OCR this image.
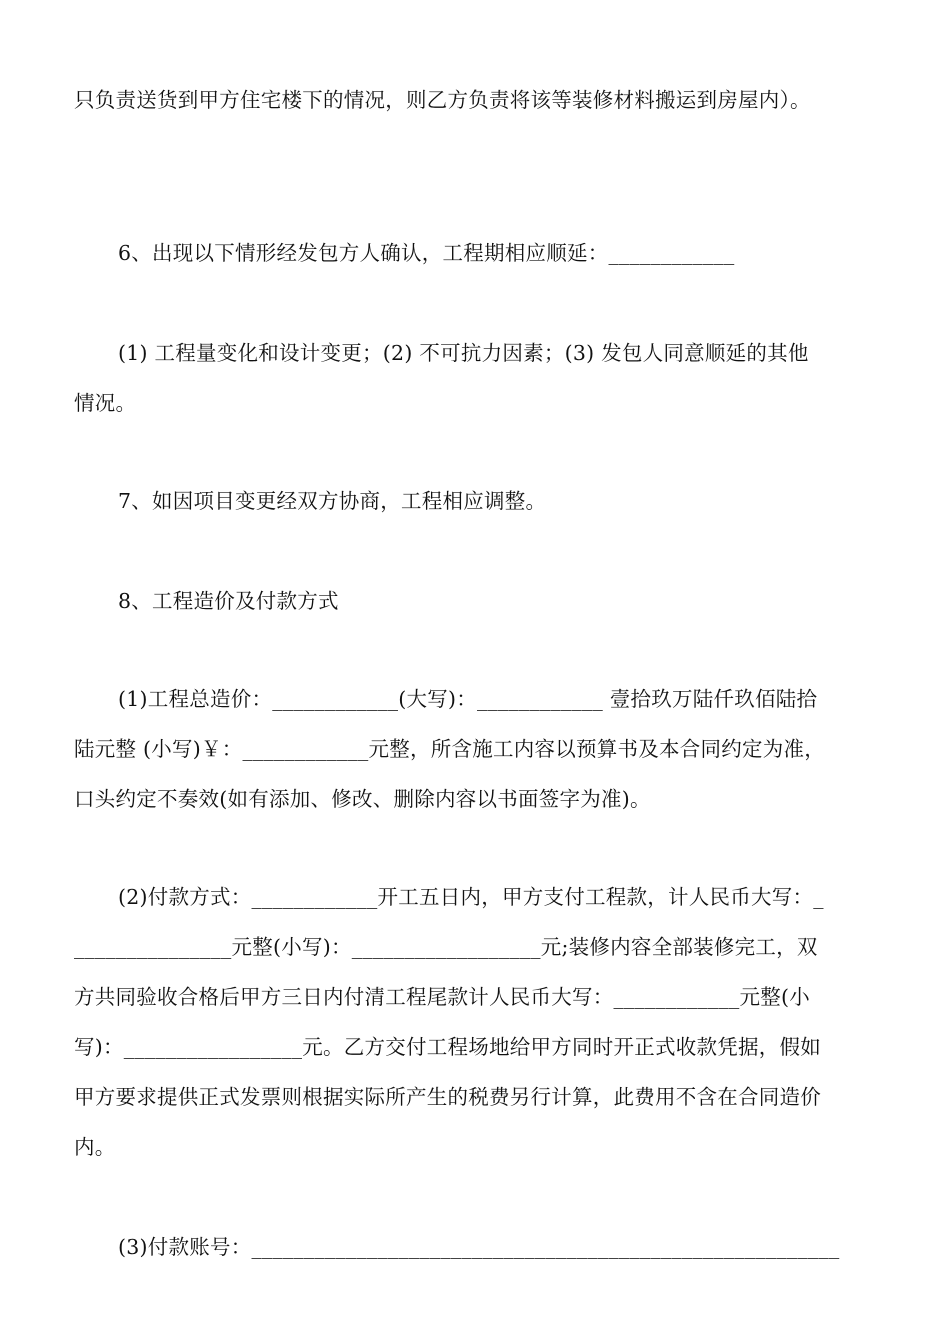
只负责送货到甲方住宅楼下的情况，则乙方负责将该等装修材料搬运到房屋内）。
6、出现以下情形经发包方人确认，工程期相应顺延：____________
(1) 工程量变化和设计变更；(2) 不可抗力因素；(3) 发包人同意顺延的其他
情况。
7、如因项目变更经双方协商，工程相应调整。
8、工程造价及付款方式
(1)工程总造价：____________(大写)：____________ 壹拾玖万陆仟玖佰陆拾
陆元整 (小写)￥：____________元整，所含施工内容以预算书及本合同约定为准，
口头约定不奏效(如有添加、修改、删除内容以书面签字为准)。
(2)付款方式：____________开工五日内，甲方支付工程款，计人民币大写：_
_______________元整(小写)：__________________元;装修内容全部装修完工，双
方共同验收合格后甲方三日内付清工程尾款计人民币大写：____________元整(小
写)：_________________元。乙方交付工程场地给甲方同时开正式收款凭据，假如
甲方要求提供正式发票则根据实际所产生的税费另行计算，此费用不含在合同造价
内。
(3)付款账号：________________________________________________________
